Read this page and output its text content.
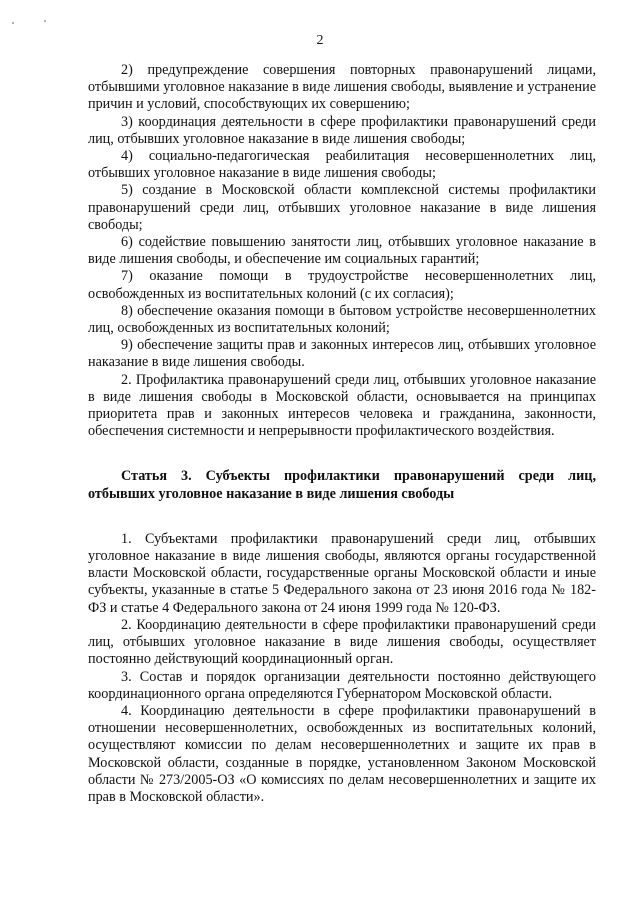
2

2) предупреждение совершения повторных правонарушений лицами, отбывшими уголовное наказание в виде лишения свободы, выявление и устранение причин и условий, способствующих их совершению;

3) координация деятельности в сфере профилактики правонарушений среди лиц, отбывших уголовное наказание в виде лишения свободы;

4) социально-педагогическая реабилитация несовершеннолетних лиц, отбывших уголовное наказание в виде лишения свободы;

5) создание в Московской области комплексной системы профилактики правонарушений среди лиц, отбывших уголовное наказание в виде лишения свободы;

6) содействие повышению занятости лиц, отбывших уголовное наказание в виде лишения свободы, и обеспечение им социальных гарантий;

7) оказание помощи в трудоустройстве несовершеннолетних лиц, освобожденных из воспитательных колоний (с их согласия);

8) обеспечение оказания помощи в бытовом устройстве несовершеннолетних лиц, освобожденных из воспитательных колоний;

9) обеспечение защиты прав и законных интересов лиц, отбывших уголовное наказание в виде лишения свободы.

2. Профилактика правонарушений среди лиц, отбывших уголовное наказание в виде лишения свободы в Московской области, основывается на принципах приоритета прав и законных интересов человека и гражданина, законности, обеспечения системности и непрерывности профилактического воздействия.

Статья 3. Субъекты профилактики правонарушений среди лиц, отбывших уголовное наказание в виде лишения свободы

1. Субъектами профилактики правонарушений среди лиц, отбывших уголовное наказание в виде лишения свободы, являются органы государственной власти Московской области, государственные органы Московской области и иные субъекты, указанные в статье 5 Федерального закона от 23 июня 2016 года № 182-ФЗ и статье 4 Федерального закона от 24 июня 1999 года № 120-ФЗ.

2. Координацию деятельности в сфере профилактики правонарушений среди лиц, отбывших уголовное наказание в виде лишения свободы, осуществляет постоянно действующий координационный орган.

3. Состав и порядок организации деятельности постоянно действующего координационного органа определяются Губернатором Московской области.

4. Координацию деятельности в сфере профилактики правонарушений в отношении несовершеннолетних, освобожденных из воспитательных колоний, осуществляют комиссии по делам несовершеннолетних и защите их прав в Московской области, созданные в порядке, установленном Законом Московской области № 273/2005-ОЗ «О комиссиях по делам несовершеннолетних и защите их прав в Московской области».
